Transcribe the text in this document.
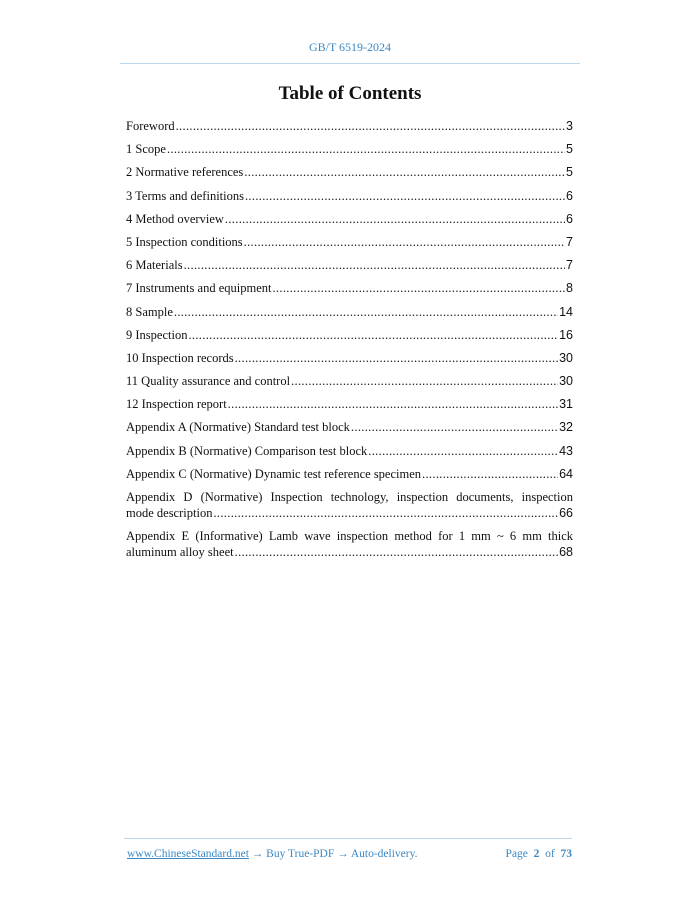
GB/T 6519-2024
Table of Contents
Foreword . . .	3
1 Scope . . .	5
2 Normative references . . .	5
3 Terms and definitions . . .	6
4 Method overview . . .	6
5 Inspection conditions . . .	7
6 Materials . . .	7
7 Instruments and equipment . . .	8
8 Sample . . .	14
9 Inspection . . .	16
10 Inspection records . . .	30
11 Quality assurance and control . . .	30
12 Inspection report . . .	31
Appendix A (Normative) Standard test block . . .	32
Appendix B (Normative) Comparison test block . . .	43
Appendix C (Normative) Dynamic test reference specimen . . .	64
Appendix D (Normative) Inspection technology, inspection documents, inspection
mode description . . .	66
Appendix E (Informative) Lamb wave inspection method for 1 mm ~ 6 mm thick
aluminum alloy sheet . . .	68
www.ChineseStandard.net → Buy True-PDF → Auto-delivery.	Page 2 of 73
